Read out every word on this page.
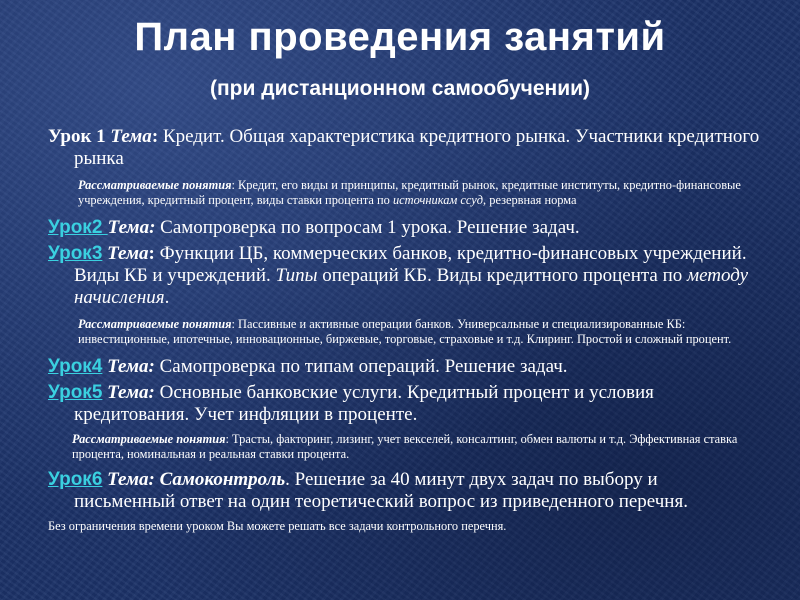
План проведения занятий
(при дистанционном самообучении)
Урок 1 Тема: Кредит. Общая характеристика кредитного рынка. Участники кредитного рынка
Рассматриваемые понятия: Кредит, его виды и принципы, кредитный рынок, кредитные институты, кредитно-финансовые учреждения, кредитный процент, виды ставки процента по источникам ссуд, резервная норма
Урок2 Тема: Самопроверка по вопросам 1 урока. Решение задач.
Урок3 Тема: Функции ЦБ, коммерческих банков, кредитно-финансовых учреждений. Виды КБ и учреждений. Типы операций КБ. Виды кредитного процента по методу начисления.
Рассматриваемые понятия: Пассивные и активные операции банков. Универсальные и специализированные КБ: инвестиционные, ипотечные, инновационные, биржевые, торговые, страховые и т.д. Клиринг. Простой и сложный процент.
Урок4 Тема: Самопроверка по типам операций. Решение задач.
Урок5 Тема: Основные банковские услуги. Кредитный процент и условия кредитования. Учет инфляции в проценте.
Рассматриваемые понятия: Трасты, факторинг, лизинг, учет векселей, консалтинг, обмен валюты и т.д. Эффективная ставка процента, номинальная и реальная ставки процента.
Урок6 Тема: Самоконтроль. Решение за 40 минут двух задач по выбору и письменный ответ на один теоретический вопрос из приведенного перечня.
Без ограничения времени уроком Вы можете решать все задачи контрольного перечня.
